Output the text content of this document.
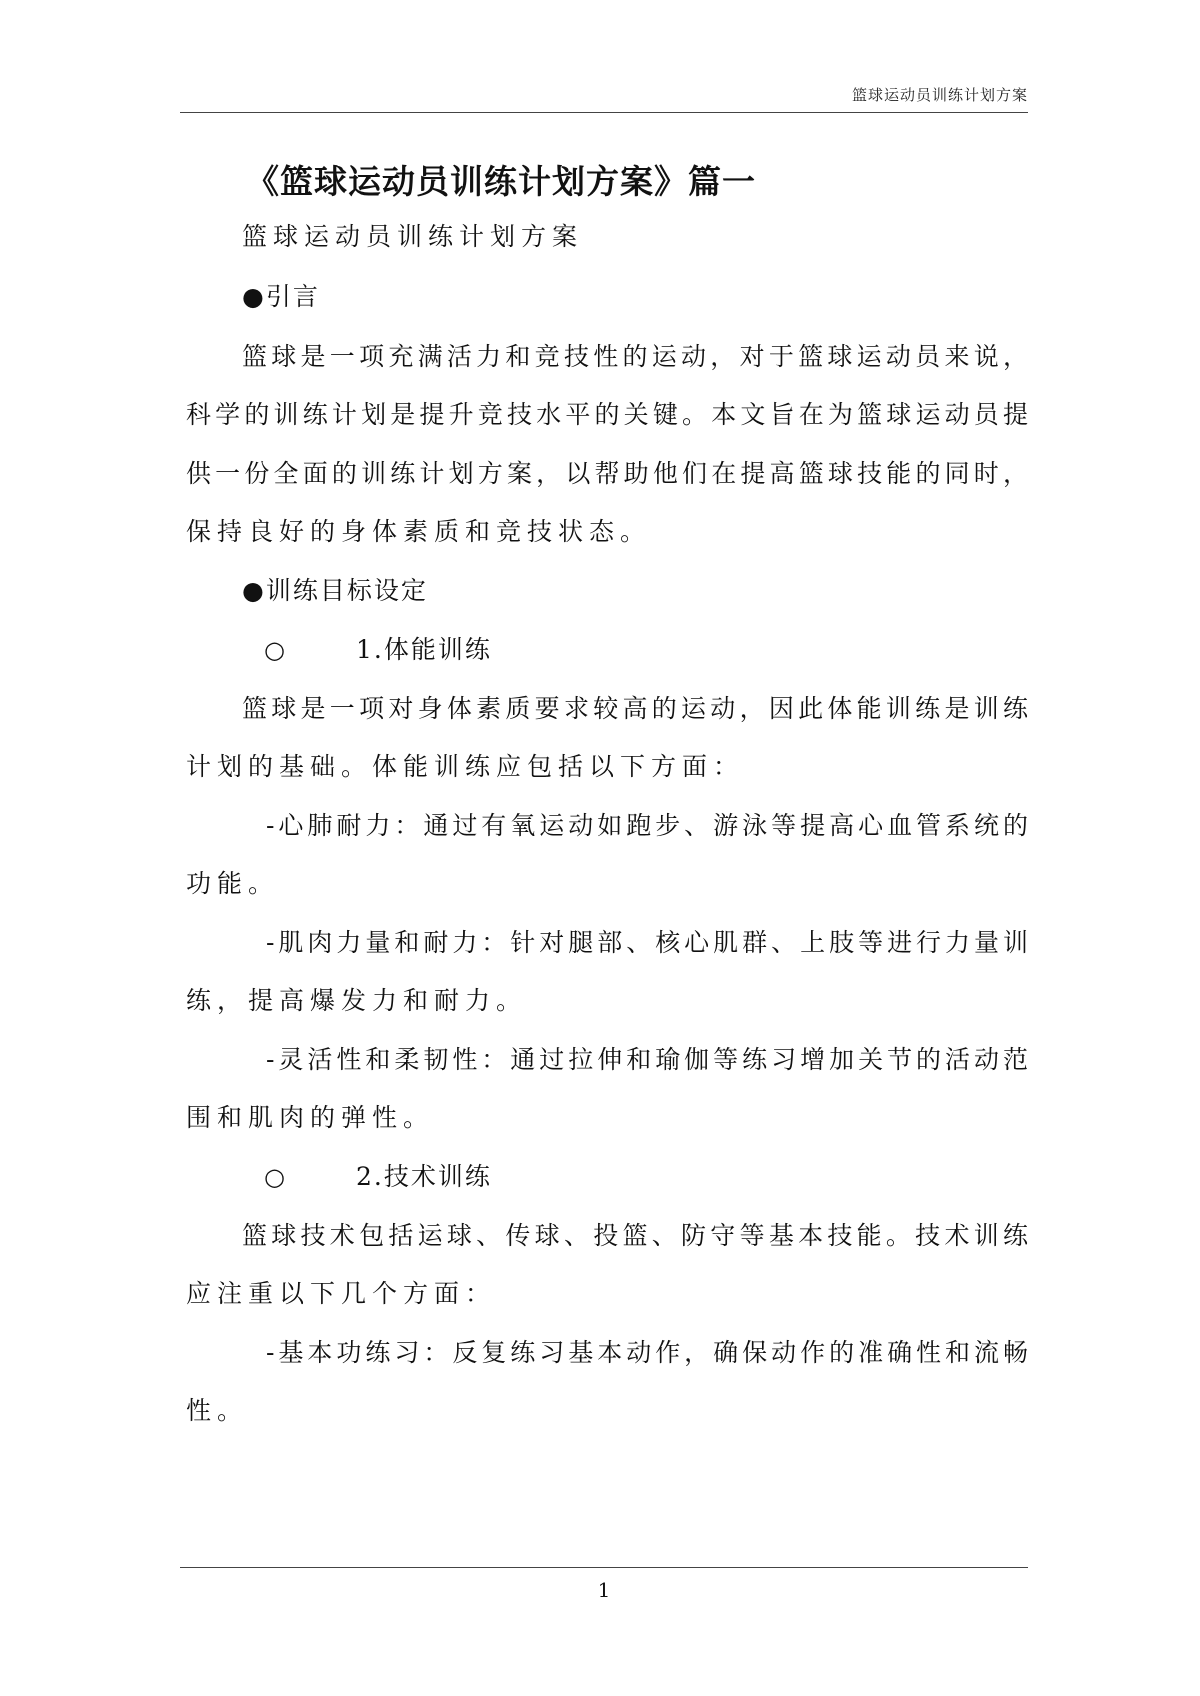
篮球运动员训练计划方案
《篮球运动员训练计划方案》篇一
篮球运动员训练计划方案
●引言
篮球是一项充满活力和竞技性的运动，对于篮球运动员来说，
科学的训练计划是提升竞技水平的关键。本文旨在为篮球运动员提
供一份全面的训练计划方案，以帮助他们在提高篮球技能的同时，
保持良好的身体素质和竞技状态。
●训练目标设定
○	1.体能训练
篮球是一项对身体素质要求较高的运动，因此体能训练是训练
计划的基础。体能训练应包括以下方面：
-心肺耐力：通过有氧运动如跑步、游泳等提高心血管系统的
功能。
-肌肉力量和耐力：针对腿部、核心肌群、上肢等进行力量训
练，提高爆发力和耐力。
-灵活性和柔韧性：通过拉伸和瑜伽等练习增加关节的活动范
围和肌肉的弹性。
○	2.技术训练
篮球技术包括运球、传球、投篮、防守等基本技能。技术训练
应注重以下几个方面：
-基本功练习：反复练习基本动作，确保动作的准确性和流畅
性。
1
